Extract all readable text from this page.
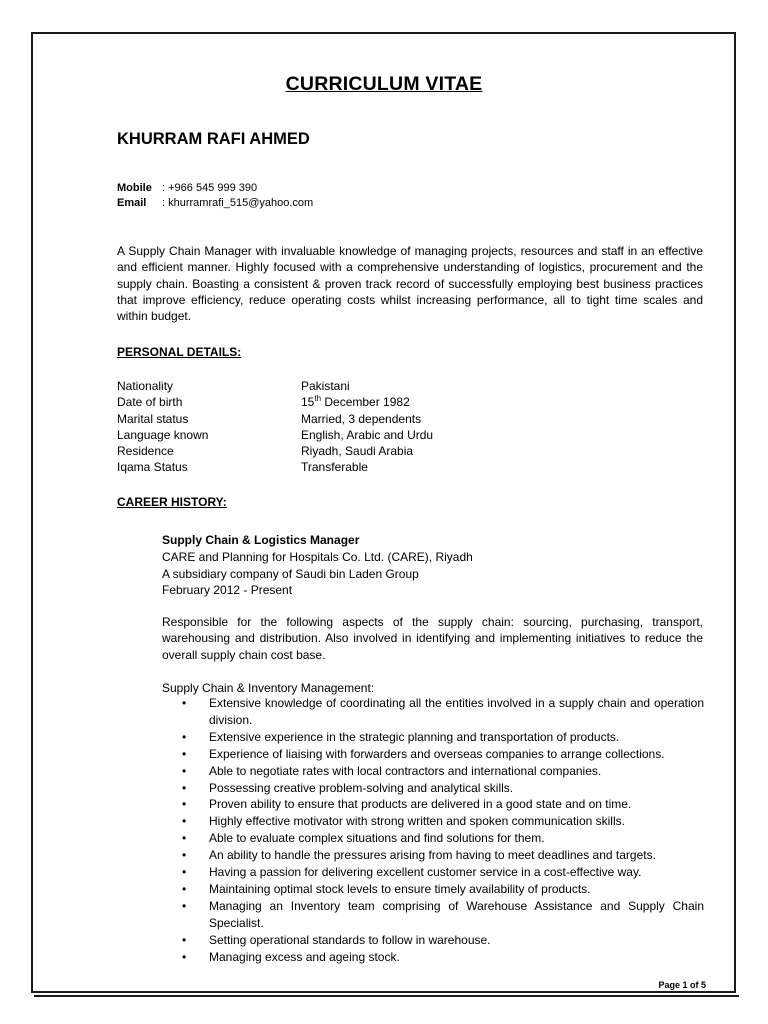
CURRICULUM VITAE
KHURRAM RAFI AHMED
Mobile : +966 545 999 390
Email : khurramrafi_515@yahoo.com
A Supply Chain Manager with invaluable knowledge of managing projects, resources and staff in an effective and efficient manner. Highly focused with a comprehensive understanding of logistics, procurement and the supply chain. Boasting a consistent & proven track record of successfully employing best business practices that improve efficiency, reduce operating costs whilst increasing performance, all to tight time scales and within budget.
PERSONAL DETAILS:
Nationality	Pakistani
Date of birth	15th December 1982
Marital status	Married, 3 dependents
Language known	English, Arabic and Urdu
Residence	Riyadh, Saudi Arabia
Iqama Status	Transferable
CAREER HISTORY:
Supply Chain & Logistics Manager
CARE and Planning for Hospitals Co. Ltd. (CARE), Riyadh
A subsidiary company of Saudi bin Laden Group
February 2012 - Present
Responsible for the following aspects of the supply chain: sourcing, purchasing, transport, warehousing and distribution. Also involved in identifying and implementing initiatives to reduce the overall supply chain cost base.
Supply Chain & Inventory Management:
• Extensive knowledge of coordinating all the entities involved in a supply chain and operation division.
• Extensive experience in the strategic planning and transportation of products.
• Experience of liaising with forwarders and overseas companies to arrange collections.
• Able to negotiate rates with local contractors and international companies.
• Possessing creative problem-solving and analytical skills.
• Proven ability to ensure that products are delivered in a good state and on time.
• Highly effective motivator with strong written and spoken communication skills.
• Able to evaluate complex situations and find solutions for them.
• An ability to handle the pressures arising from having to meet deadlines and targets.
• Having a passion for delivering excellent customer service in a cost-effective way.
• Maintaining optimal stock levels to ensure timely availability of products.
• Managing an Inventory team comprising of Warehouse Assistance and Supply Chain Specialist.
• Setting operational standards to follow in warehouse.
• Managing excess and ageing stock.
Page 1 of 5
